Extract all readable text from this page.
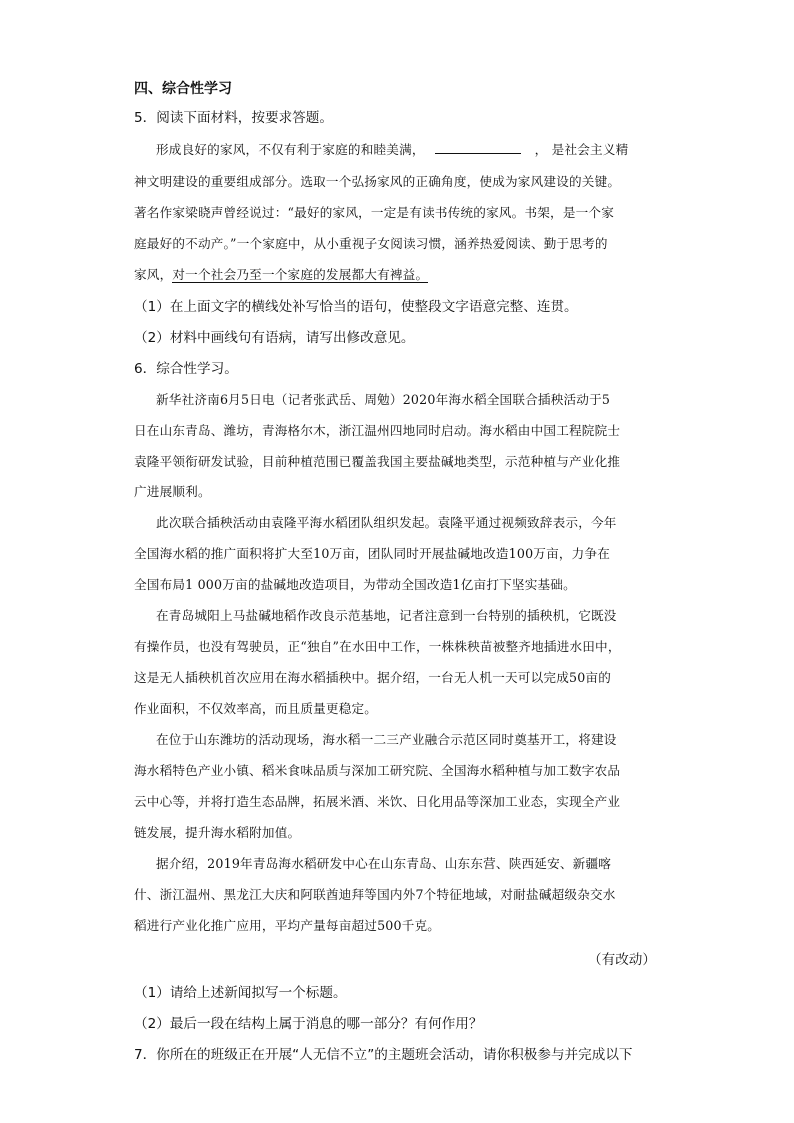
四、综合性学习
5．阅读下面材料，按要求答题。
形成良好的家风，不仅有利于家庭的和睦美满，	， 是社会主义精
神文明建设的重要组成部分。选取一个弘扬家风的正确角度，使成为家风建设的关键。
著名作家梁晓声曾经说过：“最好的家风，一定是有读书传统的家风。书架，是一个家
庭最好的不动产。”一个家庭中，从小重视子女阅读习惯，涵养热爱阅读、勤于思考的
家风，对一个社会乃至一个家庭的发展都大有裨益。
（1）在上面文字的横线处补写恰当的语句，使整段文字语意完整、连贯。
（2）材料中画线句有语病，请写出修改意见。
6．综合性学习。
新华社济南6月5日电（记者张武岳、周勉）2020年海水稻全国联合插秧活动于5
日在山东青岛、潍坊，青海格尔木，浙江温州四地同时启动。海水稻由中国工程院院士
袁隆平领衔研发试验，目前种植范围已覆盖我国主要盐碱地类型，示范种植与产业化推
广进展顺利。
此次联合插秧活动由袁隆平海水稻团队组织发起。袁隆平通过视频致辞表示，今年
全国海水稻的推广面积将扩大至10万亩，团队同时开展盐碱地改造100万亩，力争在
全国布局1 000万亩的盐碱地改造项目，为带动全国改造1亿亩打下坚实基础。
在青岛城阳上马盐碱地稻作改良示范基地，记者注意到一台特别的插秧机，它既没
有操作员，也没有驾驶员，正“独自”在水田中工作，一株株秧苗被整齐地插进水田中，
这是无人插秧机首次应用在海水稻插秧中。据介绍，一台无人机一天可以完成50亩的
作业面积，不仅效率高，而且质量更稳定。
在位于山东潍坊的活动现场，海水稻一二三产业融合示范区同时奠基开工，将建设
海水稻特色产业小镇、稻米食味品质与深加工研究院、全国海水稻种植与加工数字农品
云中心等，并将打造生态品牌，拓展米酒、米饮、日化用品等深加工业态，实现全产业
链发展，提升海水稻附加值。
据介绍，2019年青岛海水稻研发中心在山东青岛、山东东营、陕西延安、新疆喀
什、浙江温州、黑龙江大庆和阿联酋迪拜等国内外7个特征地域，对耐盐碱超级杂交水
稻进行产业化推广应用，平均产量每亩超过500千克。
（有改动）
（1）请给上述新闻拟写一个标题。
（2）最后一段在结构上属于消息的哪一部分？有何作用？
7．你所在的班级正在开展“人无信不立”的主题班会活动，请你积极参与并完成以下
